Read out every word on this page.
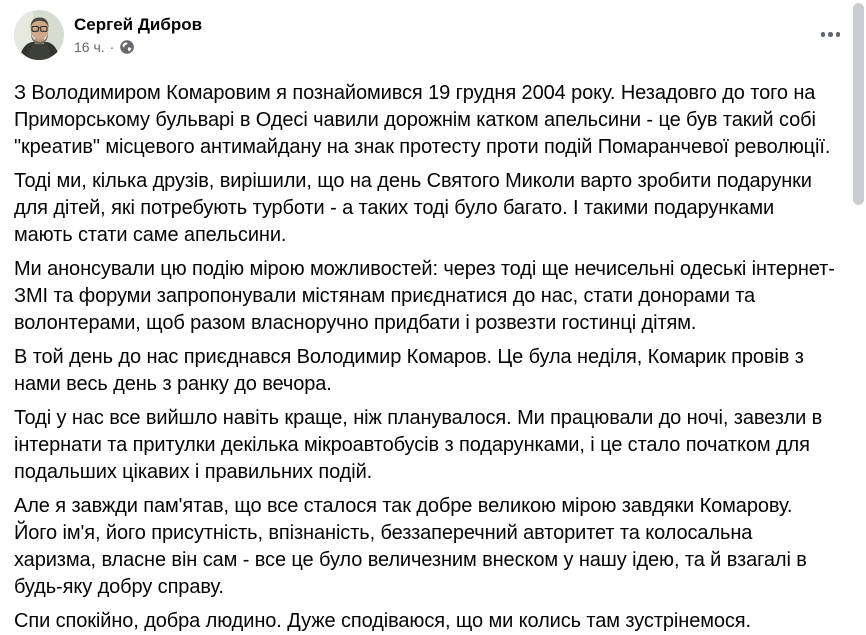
Сергей Дибров
16 ч. ·

З Володимиром Комаровим я познайомився 19 грудня 2004 року. Незадовго до того на Приморському бульварі в Одесі чавили дорожнім катком апельсини - це був такий собі "креатив" місцевого антимайдану на знак протесту проти подій Помаранчевої революції.

Тоді ми, кілька друзів, вирішили, що на день Святого Миколи варто зробити подарунки для дітей, які потребують турботи - а таких тоді було багато. І такими подарунками мають стати саме апельсини.

Ми анонсували цю подію мірою можливостей: через тоді ще нечисельні одеські інтернет-ЗМІ та форуми запропонували містянам приєднатися до нас, стати донорами та волонтерами, щоб разом власноручно придбати і розвезти гостинці дітям.

В той день до нас приєднався Володимир Комаров. Це була неділя, Комарик провів з нами весь день з ранку до вечора.

Тоді у нас все вийшло навіть краще, ніж планувалося. Ми працювали до ночі, завезли в інтернати та притулки декілька мікроавтобусів з подарунками, і це стало початком для подальших цікавих і правильних подій.

Але я завжди пам'ятав, що все сталося так добре великою мірою завдяки Комарову. Його ім'я, його присутність, впізнаність, беззаперечний авторитет та колосальна харизма, власне він сам - все це було величезним внеском у нашу ідею, та й взагалі в будь-яку добру справу.

Спи спокійно, добра людино. Дуже сподіваюся, що ми колись там зустрінемося.
